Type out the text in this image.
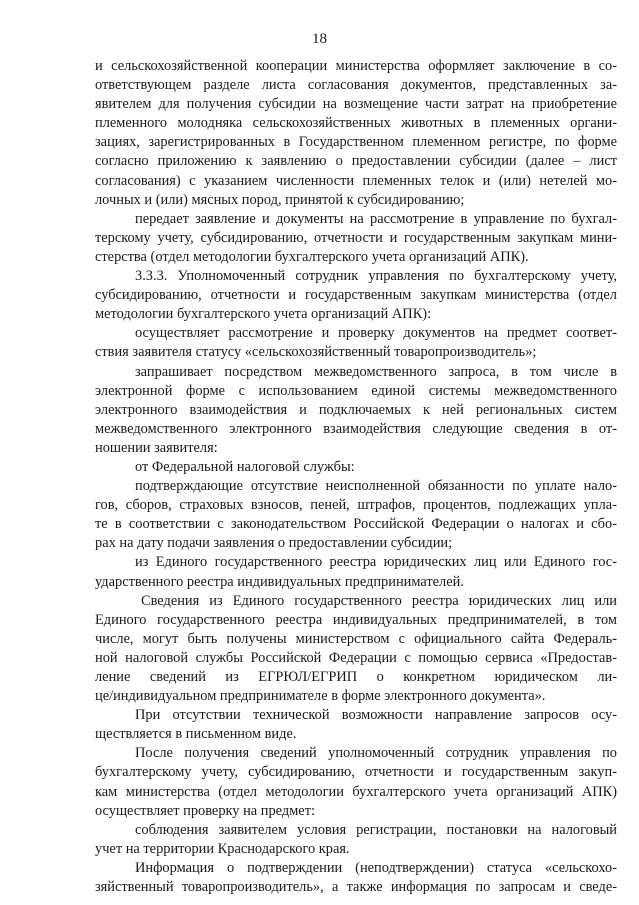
18
и сельскохозяйственной кооперации министерства оформляет заключение в со-
ответствующем разделе листа согласования документов, представленных за-
явителем для получения субсидии на возмещение части затрат на приобретение
племенного молодняка сельскохозяйственных животных в племенных органи-
зациях, зарегистрированных в Государственном племенном регистре, по форме
согласно приложению к заявлению о предоставлении субсидии (далее – лист
согласования) с указанием численности племенных телок и (или) нетелей мо-
лочных и (или) мясных пород, принятой к субсидированию;
передает заявление и документы на рассмотрение в управление по бухгал-
терскому учету, субсидированию, отчетности и государственным закупкам мини-
стерства (отдел методологии бухгалтерского учета организаций АПК).
3.3.3. Уполномоченный сотрудник управления по бухгалтерскому учету,
субсидированию, отчетности и государственным закупкам министерства (отдел
методологии бухгалтерского учета организаций АПК):
осуществляет рассмотрение и проверку документов на предмет соответ-
ствия заявителя статусу «сельскохозяйственный товаропроизводитель»;
запрашивает посредством межведомственного запроса, в том числе в
электронной форме с использованием единой системы межведомственного
электронного взаимодействия и подключаемых к ней региональных систем
межведомственного электронного взаимодействия следующие сведения в от-
ношении заявителя:
от Федеральной налоговой службы:
подтверждающие отсутствие неисполненной обязанности по уплате нало-
гов, сборов, страховых взносов, пеней, штрафов, процентов, подлежащих упла-
те в соответствии с законодательством Российской Федерации о налогах и сбо-
рах на дату подачи заявления о предоставлении субсидии;
из Единого государственного реестра юридических лиц или Единого гос-
ударственного реестра индивидуальных предпринимателей.
Сведения из Единого государственного реестра юридических лиц или
Единого государственного реестра индивидуальных предпринимателей, в том
числе, могут быть получены министерством с официального сайта Федераль-
ной налоговой службы Российской Федерации с помощью сервиса «Предостав-
ление сведений из ЕГРЮЛ/ЕГРИП о конкретном юридическом ли-
це/индивидуальном предпринимателе в форме электронного документа».
При отсутствии технической возможности направление запросов осу-
ществляется в письменном виде.
После получения сведений уполномоченный сотрудник управления по
бухгалтерскому учету, субсидированию, отчетности и государственным закуп-
кам министерства (отдел методологии бухгалтерского учета организаций АПК)
осуществляет проверку на предмет:
соблюдения заявителем условия регистрации, постановки на налоговый
учет на территории Краснодарского края.
Информация о подтверждении (неподтверждении) статуса «сельскохо-
зяйственный товаропроизводитель», а также информация по запросам и сведе-
